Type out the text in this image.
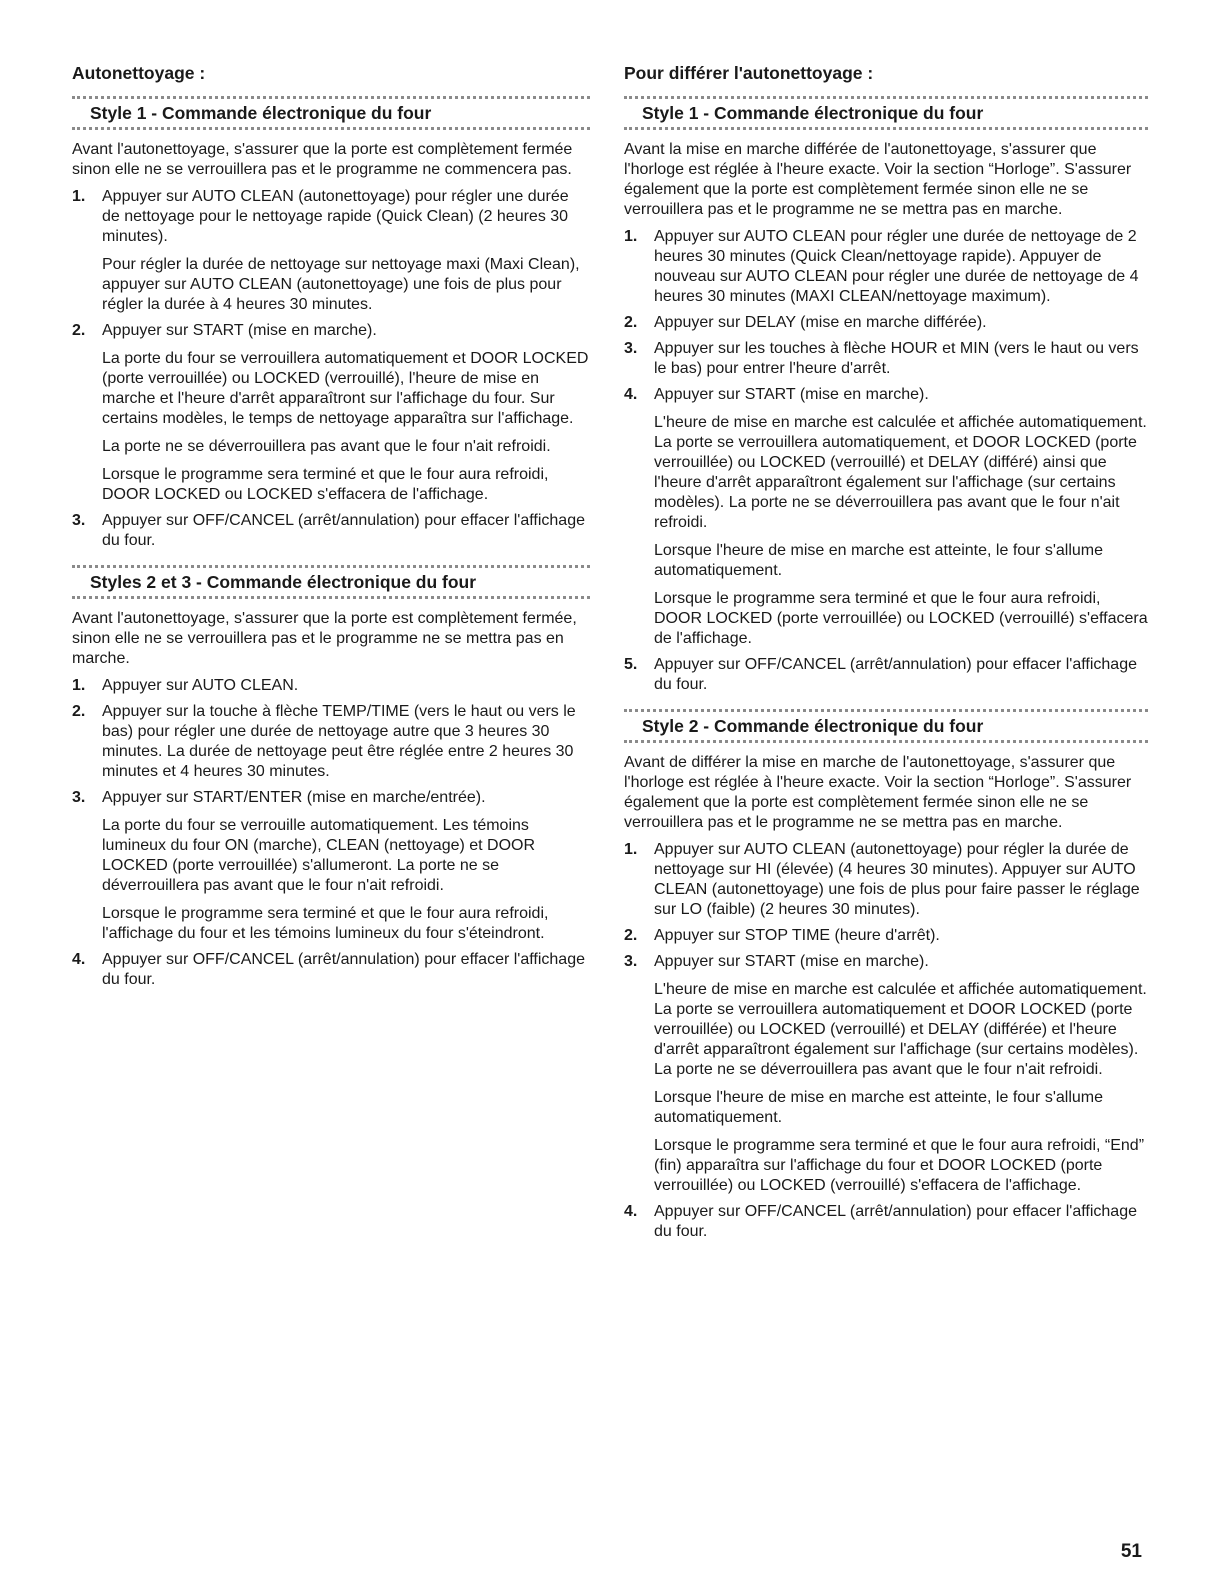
Autonettoyage :
Style 1 - Commande électronique du four

Avant l'autonettoyage, s'assurer que la porte est complètement fermée sinon elle ne se verrouillera pas et le programme ne commencera pas.

1. Appuyer sur AUTO CLEAN (autonettoyage) pour régler une durée de nettoyage pour le nettoyage rapide (Quick Clean) (2 heures 30 minutes).

Pour régler la durée de nettoyage sur nettoyage maxi (Maxi Clean), appuyer sur AUTO CLEAN (autonettoyage) une fois de plus pour régler la durée à 4 heures 30 minutes.

2. Appuyer sur START (mise en marche).

La porte du four se verrouillera automatiquement et DOOR LOCKED (porte verrouillée) ou LOCKED (verrouillé), l'heure de mise en marche et l'heure d'arrêt apparaîtront sur l'affichage du four. Sur certains modèles, le temps de nettoyage apparaîtra sur l'affichage.

La porte ne se déverrouillera pas avant que le four n'ait refroidi.

Lorsque le programme sera terminé et que le four aura refroidi, DOOR LOCKED ou LOCKED s'effacera de l'affichage.

3. Appuyer sur OFF/CANCEL (arrêt/annulation) pour effacer l'affichage du four.

Styles 2 et 3 - Commande électronique du four

Avant l'autonettoyage, s'assurer que la porte est complètement fermée, sinon elle ne se verrouillera pas et le programme ne se mettra pas en marche.

1. Appuyer sur AUTO CLEAN.

2. Appuyer sur la touche à flèche TEMP/TIME (vers le haut ou vers le bas) pour régler une durée de nettoyage autre que 3 heures 30 minutes. La durée de nettoyage peut être réglée entre 2 heures 30 minutes et 4 heures 30 minutes.

3. Appuyer sur START/ENTER (mise en marche/entrée).

La porte du four se verrouille automatiquement. Les témoins lumineux du four ON (marche), CLEAN (nettoyage) et DOOR LOCKED (porte verrouillée) s'allumeront. La porte ne se déverrouillera pas avant que le four n'ait refroidi.

Lorsque le programme sera terminé et que le four aura refroidi, l'affichage du four et les témoins lumineux du four s'éteindront.

4. Appuyer sur OFF/CANCEL (arrêt/annulation) pour effacer l'affichage du four.

Pour différer l'autonettoyage :
Style 1 - Commande électronique du four

Avant la mise en marche différée de l'autonettoyage, s'assurer que l'horloge est réglée à l'heure exacte. Voir la section “Horloge”. S'assurer également que la porte est complètement fermée sinon elle ne se verrouillera pas et le programme ne se mettra pas en marche.

1. Appuyer sur AUTO CLEAN pour régler une durée de nettoyage de 2 heures 30 minutes (Quick Clean/nettoyage rapide). Appuyer de nouveau sur AUTO CLEAN pour régler une durée de nettoyage de 4 heures 30 minutes (MAXI CLEAN/nettoyage maximum).

2. Appuyer sur DELAY (mise en marche différée).

3. Appuyer sur les touches à flèche HOUR et MIN (vers le haut ou vers le bas) pour entrer l'heure d'arrêt.

4. Appuyer sur START (mise en marche).

L'heure de mise en marche est calculée et affichée automatiquement. La porte se verrouillera automatiquement, et DOOR LOCKED (porte verrouillée) ou LOCKED (verrouillé) et DELAY (différé) ainsi que l'heure d'arrêt apparaîtront également sur l'affichage (sur certains modèles). La porte ne se déverrouillera pas avant que le four n'ait refroidi.

Lorsque l'heure de mise en marche est atteinte, le four s'allume automatiquement.

Lorsque le programme sera terminé et que le four aura refroidi, DOOR LOCKED (porte verrouillée) ou LOCKED (verrouillé) s'effacera de l'affichage.

5. Appuyer sur OFF/CANCEL (arrêt/annulation) pour effacer l'affichage du four.

Style 2 - Commande électronique du four

Avant de différer la mise en marche de l'autonettoyage, s'assurer que l'horloge est réglée à l'heure exacte. Voir la section “Horloge”. S'assurer également que la porte est complètement fermée sinon elle ne se verrouillera pas et le programme ne se mettra pas en marche.

1. Appuyer sur AUTO CLEAN (autonettoyage) pour régler la durée de nettoyage sur HI (élevée) (4 heures 30 minutes). Appuyer sur AUTO CLEAN (autonettoyage) une fois de plus pour faire passer le réglage sur LO (faible) (2 heures 30 minutes).

2. Appuyer sur STOP TIME (heure d'arrêt).

3. Appuyer sur START (mise en marche).

L'heure de mise en marche est calculée et affichée automatiquement. La porte se verrouillera automatiquement et DOOR LOCKED (porte verrouillée) ou LOCKED (verrouillé) et DELAY (différée) et l'heure d'arrêt apparaîtront également sur l'affichage (sur certains modèles). La porte ne se déverrouillera pas avant que le four n'ait refroidi.

Lorsque l'heure de mise en marche est atteinte, le four s'allume automatiquement.

Lorsque le programme sera terminé et que le four aura refroidi, “End” (fin) apparaîtra sur l'affichage du four et DOOR LOCKED (porte verrouillée) ou LOCKED (verrouillé) s'effacera de l'affichage.

4. Appuyer sur OFF/CANCEL (arrêt/annulation) pour effacer l'affichage du four.

51
